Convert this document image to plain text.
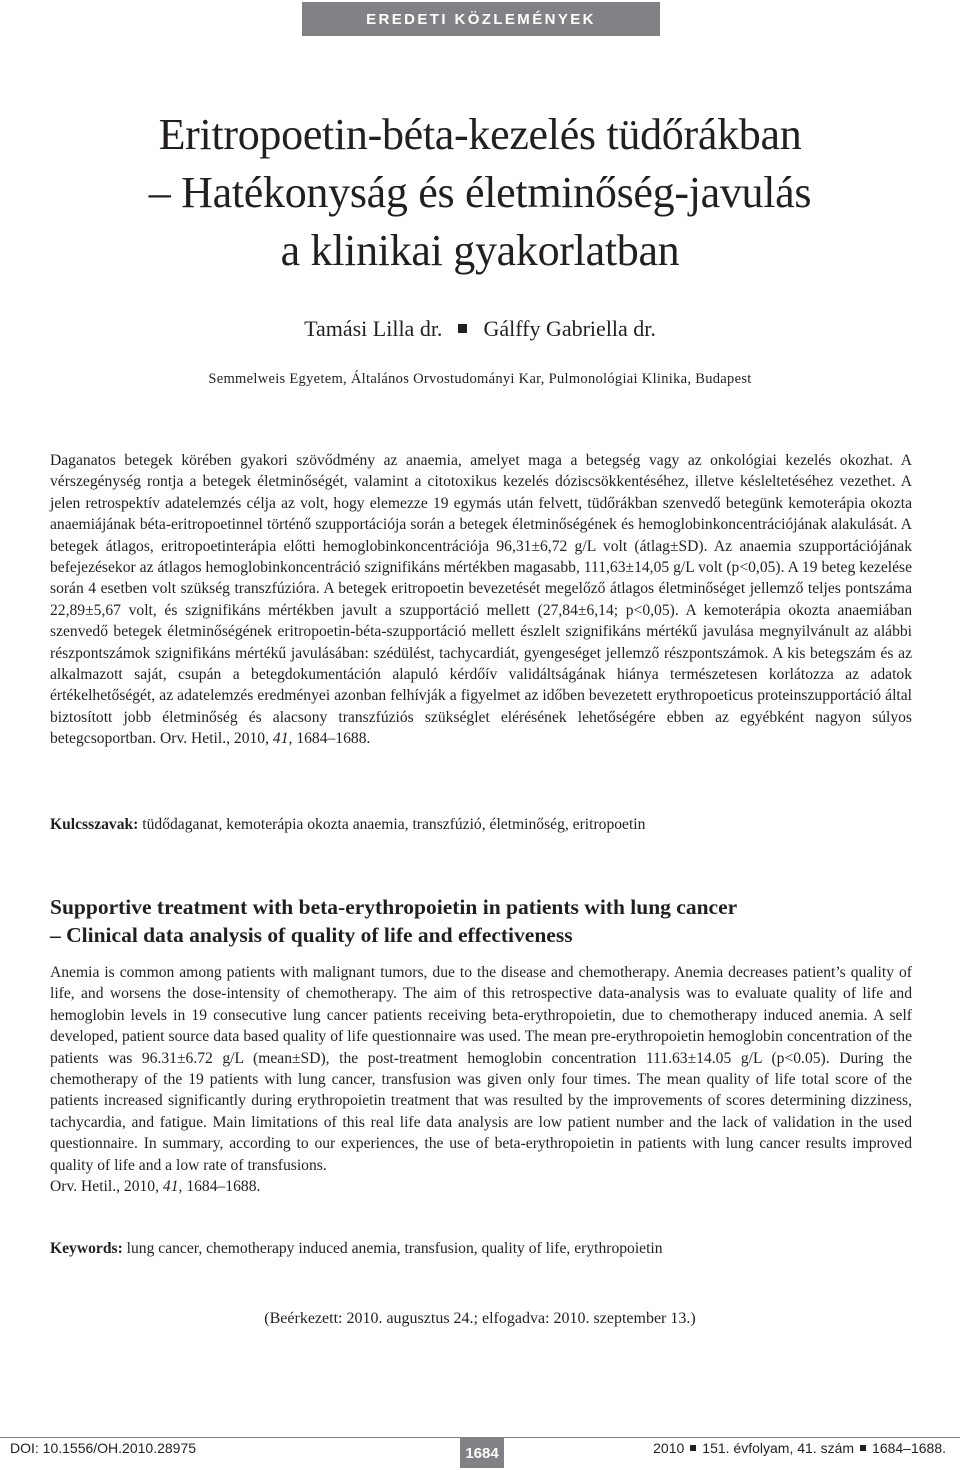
EREDETI KÖZLEMÉNYEK
Eritropoetin-béta-kezelés tüdőrákban
– Hatékonyság és életminőség-javulás
a klinikai gyakorlatban
Tamási Lilla dr. Gálffy Gabriella dr.
Semmelweis Egyetem, Általános Orvostudományi Kar, Pulmonológiai Klinika, Budapest

Daganatos betegek körében gyakori szövődmény az anaemia, amelyet maga a betegség vagy az onkológiai kezelés okozhat. A vérszegénység rontja a betegek életminőségét, valamint a citotoxikus kezelés dóziscsökkentéséhez, illetve késleltetéséhez vezethet. A jelen retrospektív adatelemzés célja az volt, hogy elemezze 19 egymás után felvett, tüdőrákban szenvedő betegünk kemoterápia okozta anaemiájának béta-eritropoetinnel történő szupportációja során a betegek életminőségének és hemoglobinkoncentrációjának alakulását. A betegek átlagos, eritropoetinterápia előtti hemoglobinkoncentrációja 96,31±6,72 g/L volt (átlag±SD). Az anaemia szupportációjának befejezésekor az átlagos hemoglobinkoncentráció szignifikáns mértékben magasabb, 111,63±14,05 g/L volt (p<0,05). A 19 beteg kezelése során 4 esetben volt szükség transzfúzióra. A betegek eritropoetin bevezetését megelőző átlagos életminőséget jellemző teljes pontszáma 22,89±5,67 volt, és szignifikáns mértékben javult a szupportáció mellett (27,84±6,14; p<0,05). A kemoterápia okozta anaemiában szenvedő betegek életminőségének eritropoetin-béta-szupportáció mellett észlelt szignifikáns mértékű javulása megnyilvánult az alábbi részpontszámok szignifikáns mértékű javulásában: szédülést, tachycardiát, gyengeséget jellemző részpontszámok. A kis betegszám és az alkalmazott saját, csupán a betegdokumentáción alapuló kérdőív validáltságának hiánya természetesen korlátozza az adatok értékelhetőségét, az adatelemzés eredményei azonban felhívják a figyelmet az időben bevezetett erythropoeticus proteinszupportáció által biztosított jobb életminőség és alacsony transzfúziós szükséglet elérésének lehetőségére ebben az egyébként nagyon súlyos betegcsoportban. Orv. Hetil., 2010, 41, 1684–1688.

Kulcsszavak: tüdődaganat, kemoterápia okozta anaemia, transzfúzió, életminőség, eritropoetin
Supportive treatment with beta-erythropoietin in patients with lung cancer
– Clinical data analysis of quality of life and effectiveness

Anemia is common among patients with malignant tumors, due to the disease and chemotherapy. Anemia decreases patient’s quality of life, and worsens the dose-intensity of chemotherapy. The aim of this retrospective data-analysis was to evaluate quality of life and hemoglobin levels in 19 consecutive lung cancer patients receiving beta-erythropoietin, due to chemotherapy induced anemia. A self developed, patient source data based quality of life questionnaire was used. The mean pre-erythropoietin hemoglobin concentration of the patients was 96.31±6.72 g/L (mean±SD), the post-treatment hemoglobin concentration 111.63±14.05 g/L (p<0.05). During the chemotherapy of the 19 patients with lung cancer, transfusion was given only four times. The mean quality of life total score of the patients increased significantly during erythropoietin treatment that was resulted by the improvements of scores determining dizziness, tachycardia, and fatigue. Main limitations of this real life data analysis are low patient number and the lack of validation in the used questionnaire. In summary, according to our experiences, the use of beta-erythropoietin in patients with lung cancer results improved quality of life and a low rate of transfusions.
Orv. Hetil., 2010, 41, 1684–1688.

Keywords: lung cancer, chemotherapy induced anemia, transfusion, quality of life, erythropoietin
(Beérkezett: 2010. augusztus 24.; elfogadva: 2010. szeptember 13.)
DOI: 10.1556/OH.2010.28975	1684	2010 151. évfolyam, 41. szám 1684–1688.
